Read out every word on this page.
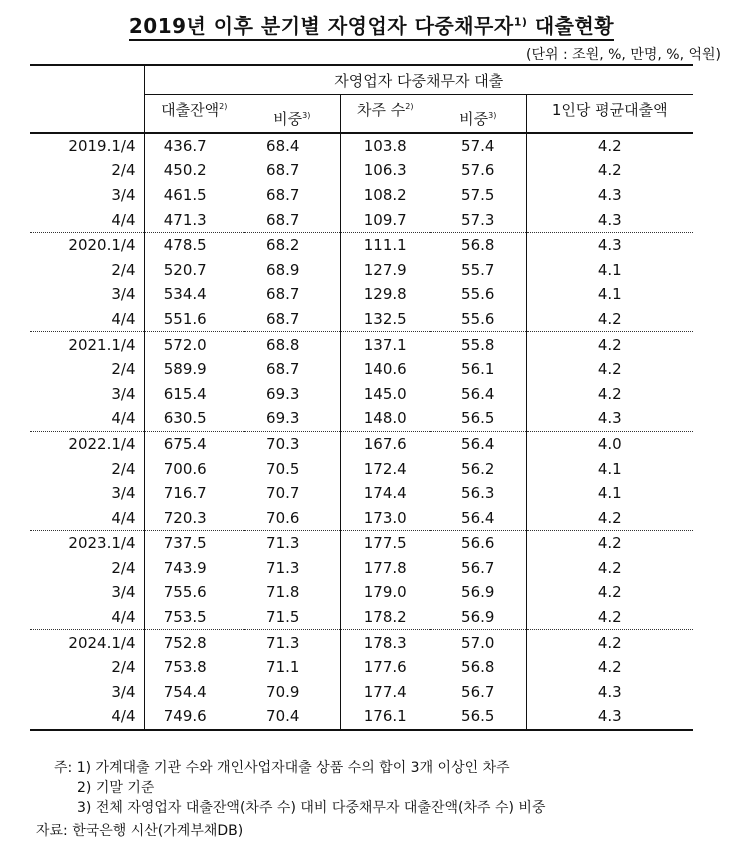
2019년 이후 분기별 자영업자 다중채무자$^{1)}$ 대출현황
(단위 : 조원, %, 만명, %, 억원)
	자영업자 다중채무자 대출				
	대출잔액$^{2)}$	비중$^{3)}$	차주 수$^{2)}$	비중$^{3)}$	1인당 평균대출액
2019.1/4	436.7	68.4	103.8	57.4	4.2
2/4	450.2	68.7	106.3	57.6	4.2
3/4	461.5	68.7	108.2	57.5	4.3
4/4	471.3	68.7	109.7	57.3	4.3
2020.1/4	478.5	68.2	111.1	56.8	4.3
2/4	520.7	68.9	127.9	55.7	4.1
3/4	534.4	68.7	129.8	55.6	4.1
4/4	551.6	68.7	132.5	55.6	4.2
2021.1/4	572.0	68.8	137.1	55.8	4.2
2/4	589.9	68.7	140.6	56.1	4.2
3/4	615.4	69.3	145.0	56.4	4.2
4/4	630.5	69.3	148.0	56.5	4.3
2022.1/4	675.4	70.3	167.6	56.4	4.0
2/4	700.6	70.5	172.4	56.2	4.1
3/4	716.7	70.7	174.4	56.3	4.1
4/4	720.3	70.6	173.0	56.4	4.2
2023.1/4	737.5	71.3	177.5	56.6	4.2
2/4	743.9	71.3	177.8	56.7	4.2
3/4	755.6	71.8	179.0	56.9	4.2
4/4	753.5	71.5	178.2	56.9	4.2
2024.1/4	752.8	71.3	178.3	57.0	4.2
2/4	753.8	71.1	177.6	56.8	4.2
3/4	754.4	70.9	177.4	56.7	4.3
4/4	749.6	70.4	176.1	56.5	4.3
주: 1) 가계대출 기관 수와 개인사업자대출 상품 수의 합이 3개 이상인 차주
2) 기말 기준
3) 전체 자영업자 대출잔액(차주 수) 대비 다중채무자 대출잔액(차주 수) 비중
자료: 한국은행 시산(가계부채DB)
